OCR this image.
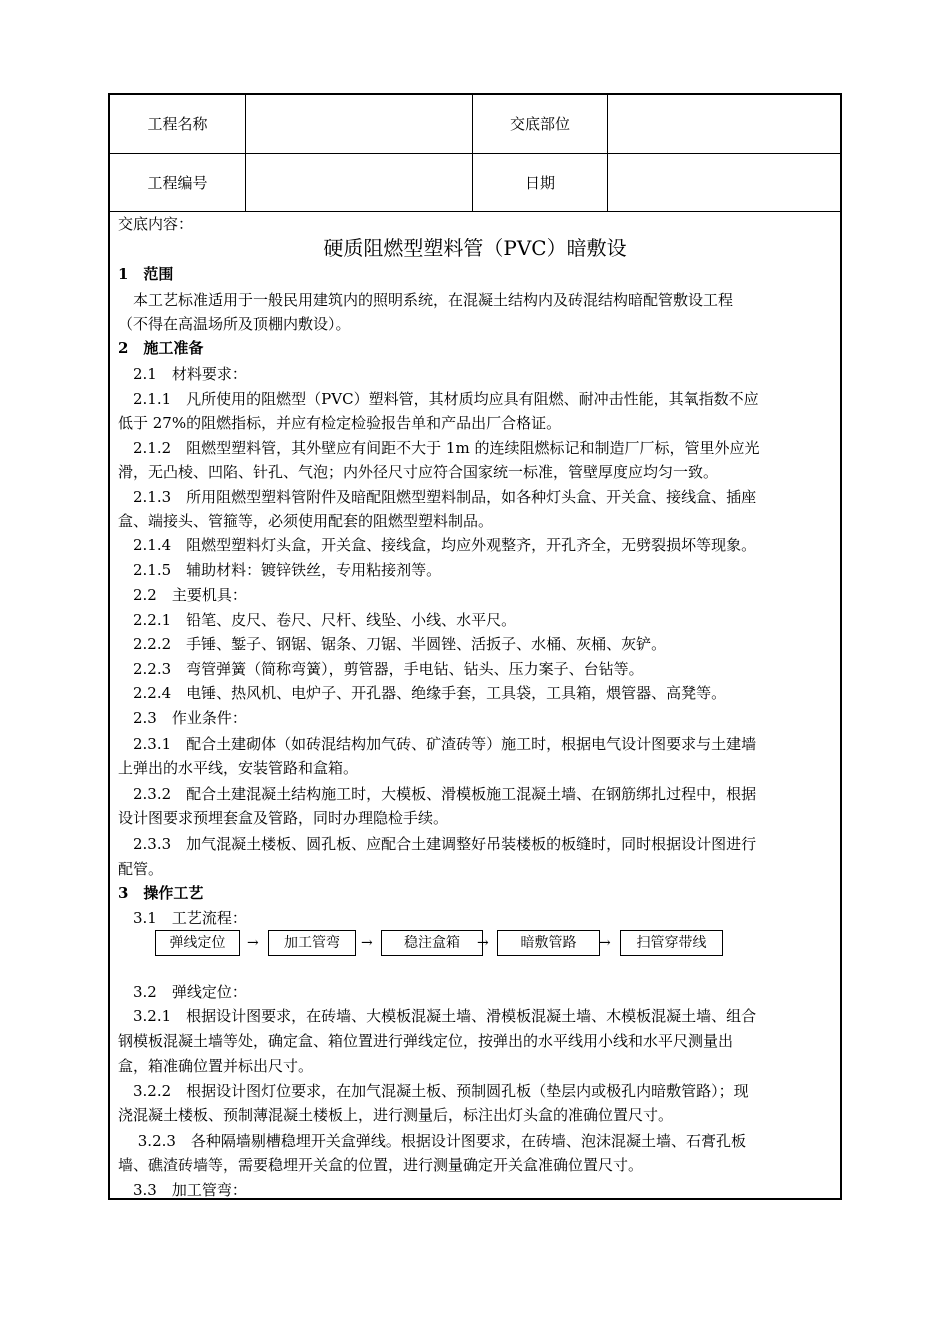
工程名称	交底部位
工程编号	日期
交底内容：
硬质阻燃型塑料管（PVC）暗敷设
1　范围
　本工艺标准适用于一般民用建筑内的照明系统，在混凝土结构内及砖混结构暗配管敷设工程
（不得在高温场所及顶棚内敷设）。
2　施工准备
　2.1　材料要求：
　2.1.1　凡所使用的阻燃型（PVC）塑料管，其材质均应具有阻燃、耐冲击性能，其氧指数不应
低于 27%的阻燃指标，并应有检定检验报告单和产品出厂合格证。
　2.1.2　阻燃型塑料管，其外壁应有间距不大于 1m 的连续阻燃标记和制造厂厂标，管里外应光
滑，无凸棱、凹陷、针孔、气泡；内外径尺寸应符合国家统一标准，管壁厚度应均匀一致。
　2.1.3　所用阻燃型塑料管附件及暗配阻燃型塑料制品，如各种灯头盒、开关盒、接线盒、插座
盒、端接头、管箍等，必须使用配套的阻燃型塑料制品。
　2.1.4　阻燃型塑料灯头盒，开关盒、接线盒，均应外观整齐，开孔齐全，无劈裂损坏等现象。
　2.1.5　辅助材料：镀锌铁丝，专用粘接剂等。
　2.2　主要机具：
　2.2.1　铅笔、皮尺、卷尺、尺杆、线坠、小线、水平尺。
　2.2.2　手锤、錾子、钢锯、锯条、刀锯、半圆锉、活扳子、水桶、灰桶、灰铲。
　2.2.3　弯管弹簧（简称弯簧），剪管器，手电钻、钻头、压力案子、台钻等。
　2.2.4　电锤、热风机、电炉子、开孔器、绝缘手套，工具袋，工具箱，煨管器、高凳等。
　2.3　作业条件：
　2.3.1　配合土建砌体（如砖混结构加气砖、矿渣砖等）施工时，根据电气设计图要求与土建墙
上弹出的水平线，安装管路和盒箱。
　2.3.2　配合土建混凝土结构施工时，大模板、滑模板施工混凝土墙、在钢筋绑扎过程中，根据
设计图要求预埋套盒及管路，同时办理隐检手续。
　2.3.3　加气混凝土楼板、圆孔板、应配合土建调整好吊装楼板的板缝时，同时根据设计图进行
配管。
3　操作工艺
　3.1　工艺流程：
弹线定位	→	加工管弯	→	稳注盒箱	→	暗敷管路	→	扫管穿带线
　3.2　弹线定位：
　3.2.1　根据设计图要求，在砖墙、大模板混凝土墙、滑模板混凝土墙、木模板混凝土墙、组合
钢模板混凝土墙等处，确定盒、箱位置进行弹线定位，按弹出的水平线用小线和水平尺测量出
盒，箱准确位置并标出尺寸。
　3.2.2　根据设计图灯位要求，在加气混凝土板、预制圆孔板（垫层内或极孔内暗敷管路）；现
浇混凝土楼板、预制薄混凝土楼板上，进行测量后，标注出灯头盒的准确位置尺寸。
　 3.2.3　各种隔墙剔槽稳埋开关盒弹线。根据设计图要求，在砖墙、泡沫混凝土墙、石膏孔板
墙、礁渣砖墙等，需要稳埋开关盒的位置，进行测量确定开关盒准确位置尺寸。
　3.3　加工管弯：
